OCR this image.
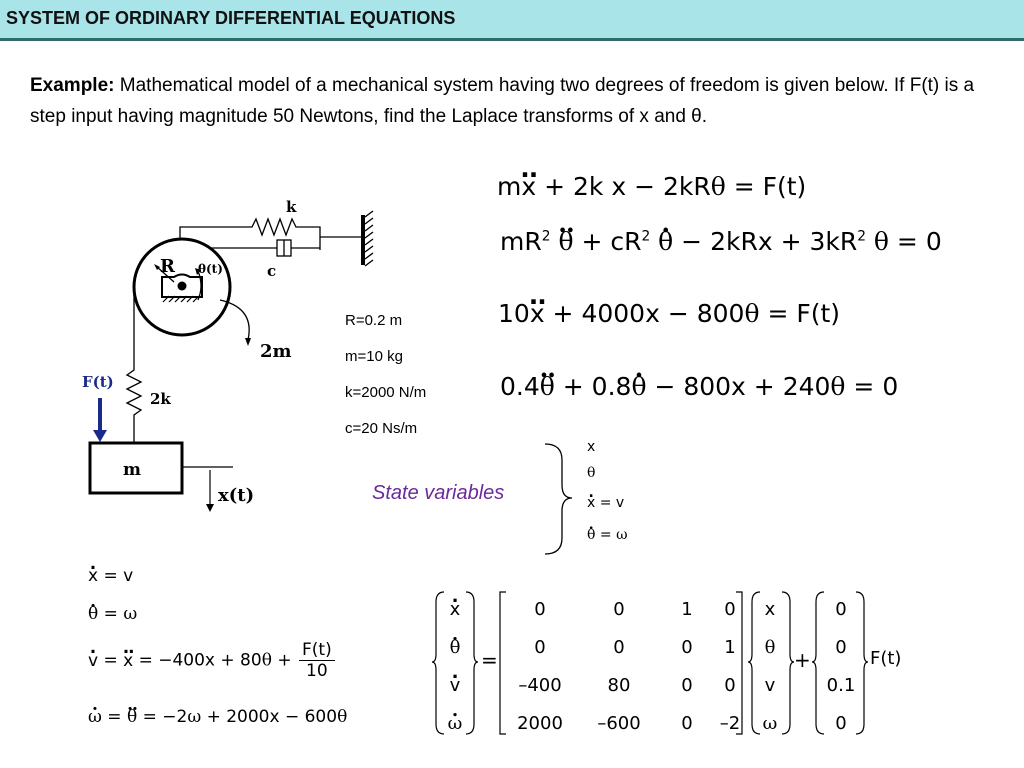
SYSTEM OF ORDINARY DIFFERENTIAL EQUATIONS
Example: Mathematical model of a mechanical system having two degrees of freedom is given below. If F(t) is a step input having magnitude 50 Newtons, find the Laplace transforms of x and θ.
k
c
R θ(t)
2m
F(t)
2k
m
x(t)
mx .. + 2k x − 2kRθ = F(t)
$mR^2$ θ .. + $cR^2$ θ . − $2kRx + 3kR^2$ θ = 0
R=0.2 m
m=10 kg
k=2000 N/m
c=20 Ns/m
10x .. + 4000x − 800θ = F(t)
0.4θ .. + 0.8θ . − 800x + 240θ = 0
State variables
x
θ
x . = v
θ . = ω
x . = v
θ . = ω
v . = x .. = $-400x + 80\theta + \frac{F(t)}{10}$
ω . = θ .. = −2ω + 2000x − 600θ
x .
θ .
v .
ω .
=
0	0	1	0
0	0	0	1
–400	80	0	0
2000	–600	0	–2
x
θ
v
ω
+
0
0
0.1
0
F(t)
